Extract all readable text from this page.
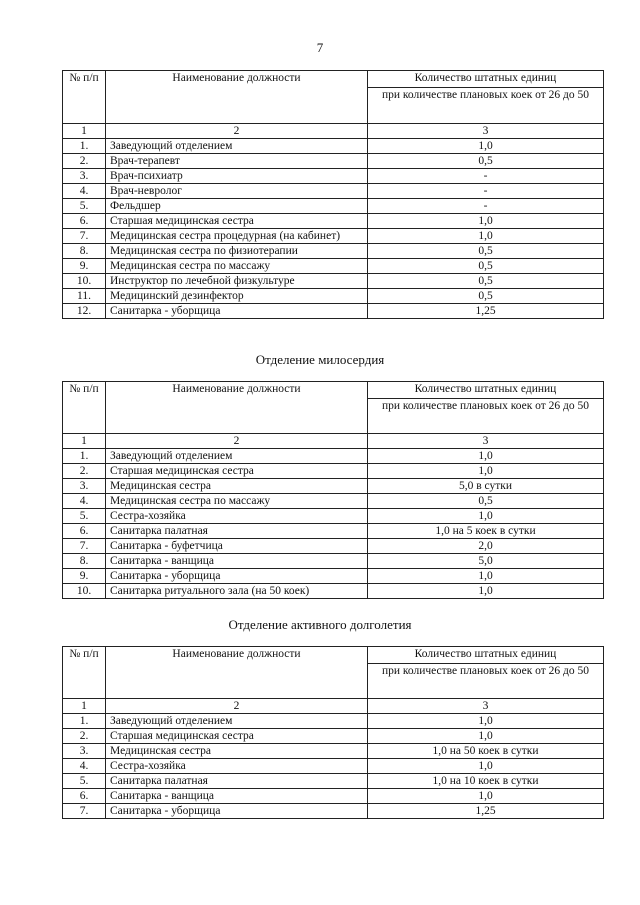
7
№ п/п	Наименование должности	Количество штатных единиц
		при количестве плановых коек от 26 до 50
1	2	3
1.	Заведующий отделением	1,0
2.	Врач-терапевт	0,5
3.	Врач-психиатр	-
4.	Врач-невролог	-
5.	Фельдшер	-
6.	Старшая медицинская сестра	1,0
7.	Медицинская сестра процедурная (на кабинет)	1,0
8.	Медицинская сестра по физиотерапии	0,5
9.	Медицинская сестра по массажу	0,5
10.	Инструктор по лечебной физкультуре	0,5
11.	Медицинский дезинфектор	0,5
12.	Санитарка - уборщица	1,25
Отделение милосердия
№ п/п	Наименование должности	Количество штатных единиц
		при количестве плановых коек от 26 до 50
1	2	3
1.	Заведующий отделением	1,0
2.	Старшая медицинская сестра	1,0
3.	Медицинская сестра	5,0 в сутки
4.	Медицинская сестра по массажу	0,5
5.	Сестра-хозяйка	1,0
6.	Санитарка палатная	1,0 на 5 коек в сутки
7.	Санитарка - буфетчица	2,0
8.	Санитарка - ванщица	5,0
9.	Санитарка - уборщица	1,0
10.	Санитарка ритуального зала (на 50 коек)	1,0
Отделение активного долголетия
№ п/п	Наименование должности	Количество штатных единиц
		при количестве плановых коек от 26 до 50
1	2	3
1.	Заведующий отделением	1,0
2.	Старшая медицинская сестра	1,0
3.	Медицинская сестра	1,0 на 50 коек в сутки
4.	Сестра-хозяйка	1,0
5.	Санитарка палатная	1,0 на 10 коек в сутки
6.	Санитарка - ванщица	1,0
7.	Санитарка - уборщица	1,25
